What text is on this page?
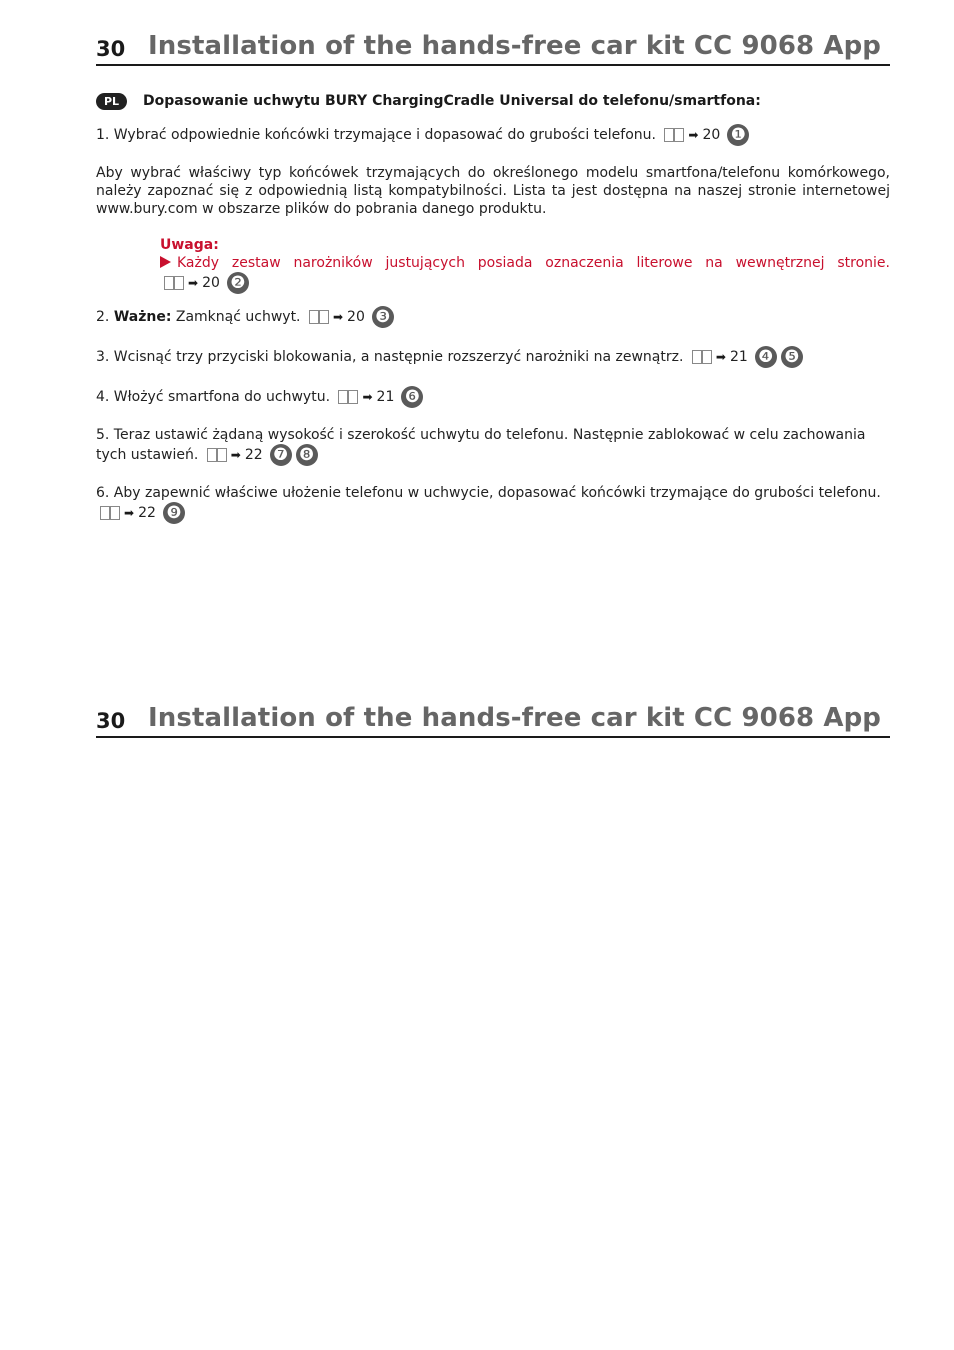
30 Installation of the hands-free car kit CC 9068 App
PL	Dopasowanie uchwytu BURY ChargingCradle Universal do telefonu/smartfona:

1. Wybrać odpowiednie końcówki trzymające i dopasować do grubości telefonu.	➡ 20 ❶

Aby wybrać właściwy typ końcówek trzymających do określonego modelu smartfona/telefonu komórkowego, należy zapoznać się z odpowiednią listą kompatybilności. Lista ta jest dostępna na naszej stronie internetowej www.bury.com w obszarze plików do pobrania danego produktu.

Uwaga:
Każdy zestaw narożników justujących posiada oznaczenia literowe na wewnętrznej stronie.
➡ 20 ❷

2. Ważne: Zamknąć uchwyt.	➡ 20 ❸

3. Wcisnąć trzy przyciski blokowania, a następnie rozszerzyć narożniki na zewnątrz.	➡ 21 ❹ ❺

4. Włożyć smartfona do uchwytu.	➡ 21 ❻

5. Teraz ustawić żądaną wysokość i szerokość uchwytu do telefonu. Następnie zablokować w celu zachowania tych ustawień.	➡ 22 ❼ ❽

6. Aby zapewnić właściwe ułożenie telefonu w uchwycie, dopasować końcówki trzymające do grubości telefonu.
➡ 22 ❾

30 Installation of the hands-free car kit CC 9068 App
